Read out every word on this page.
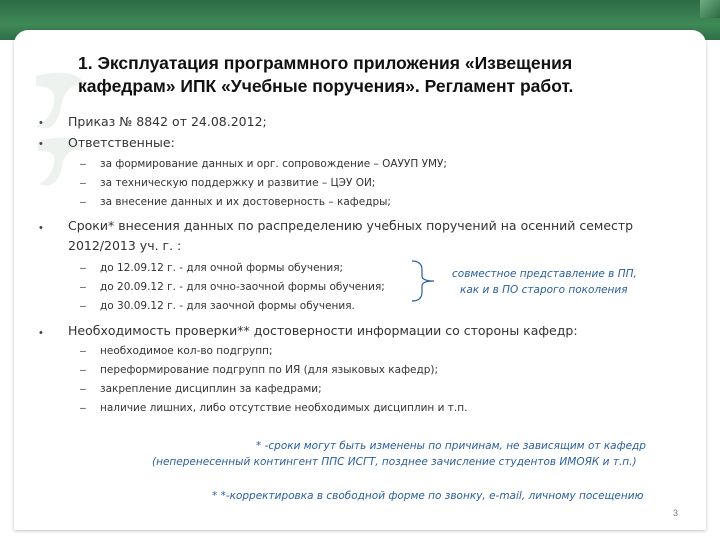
1. Эксплуатация программного приложения «Извещения
кафедрам» ИПК «Учебные поручения». Регламент работ.
• Приказ № 8842 от 24.08.2012;
• Ответственные:
– за формирование данных и орг. сопровождение – ОАУУП УМУ;
– за техническую поддержку и развитие – ЦЭУ ОИ;
– за внесение данных и их достоверность – кафедры;
• Сроки* внесения данных по распределению учебных поручений на осенний семестр
2012/2013 уч. г. :
– до 12.09.12 г. - для очной формы обучения;
– до 20.09.12 г. - для очно-заочной формы обучения;
– до 30.09.12 г. - для заочной формы обучения.
совместное представление в ПП,
как и в ПО старого поколения
• Необходимость проверки** достоверности информации со стороны кафедр:
– необходимое кол-во подгрупп;
– переформирование подгрупп по ИЯ (для языковых кафедр);
– закрепление дисциплин за кафедрами;
– наличие лишних, либо отсутствие необходимых дисциплин и т.п.
* -сроки могут быть изменены по причинам, не зависящим от кафедр
(неперенесенный контингент ППС ИСГТ, позднее зачисление студентов ИМОЯК и т.п.)
* *-корректировка в свободной форме по звонку, e-mail, личному посещению
3
